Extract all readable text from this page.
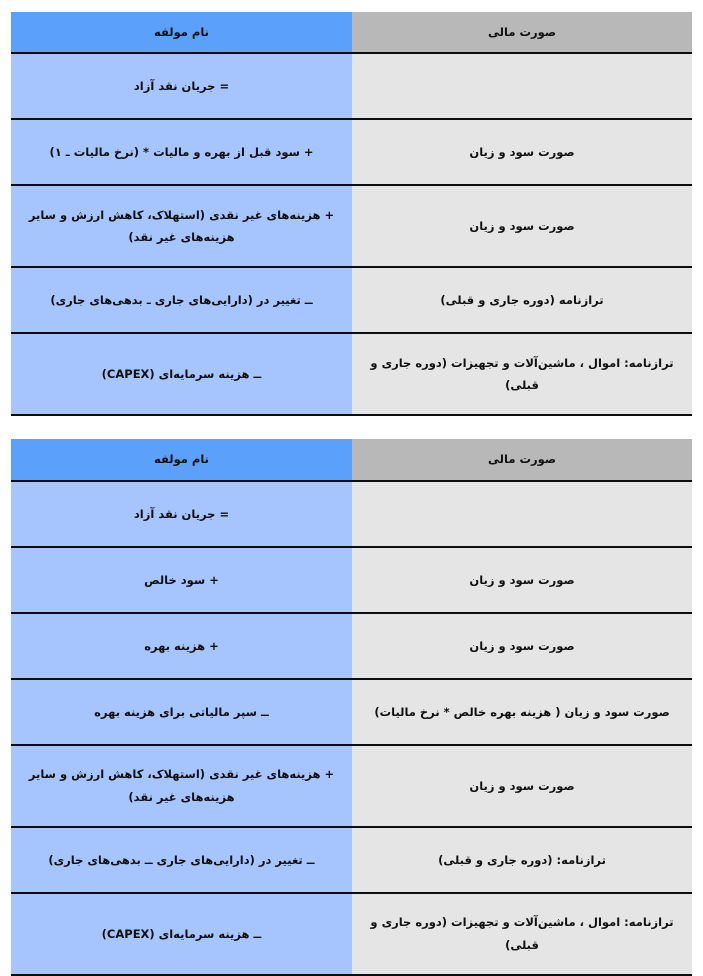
صورت مالی	نام مولفه
	= جریان نقد آزاد
صورت سود و زیان	+ سود قبل از بهره و مالیات * (نرخ مالیات ـ ۱)
صورت سود و زیان	+ هزینه‌های غیر نقدی (استهلاک، کاهش ارزش و سایر هزینه‌های غیر نقد)
ترازنامه (دوره جاری و قبلی)	ــ تغییر در (دارایی‌های جاری ـ بدهی‌های جاری)
ترازنامه: اموال ، ماشین‌آلات و تجهیزات (دوره جاری و قبلی)	ــ هزینه سرمایه‌ای (CAPEX)
صورت مالی	نام مولفه
	= جریان نقد آزاد
صورت سود و زیان	+ سود خالص
صورت سود و زیان	+ هزینه بهره
صورت سود و زیان ( هزینه بهره خالص * نرخ مالیات)	ــ سپر مالیاتی برای هزینه بهره
صورت سود و زیان	+ هزینه‌های غیر نقدی (استهلاک، کاهش ارزش و سایر هزینه‌های غیر نقد)
ترازنامه: (دوره جاری و قبلی)	ــ تغییر در (دارایی‌های جاری ــ بدهی‌های جاری)
ترازنامه: اموال ، ماشین‌آلات و تجهیزات (دوره جاری و قبلی)	ــ هزینه سرمایه‌ای (CAPEX)
